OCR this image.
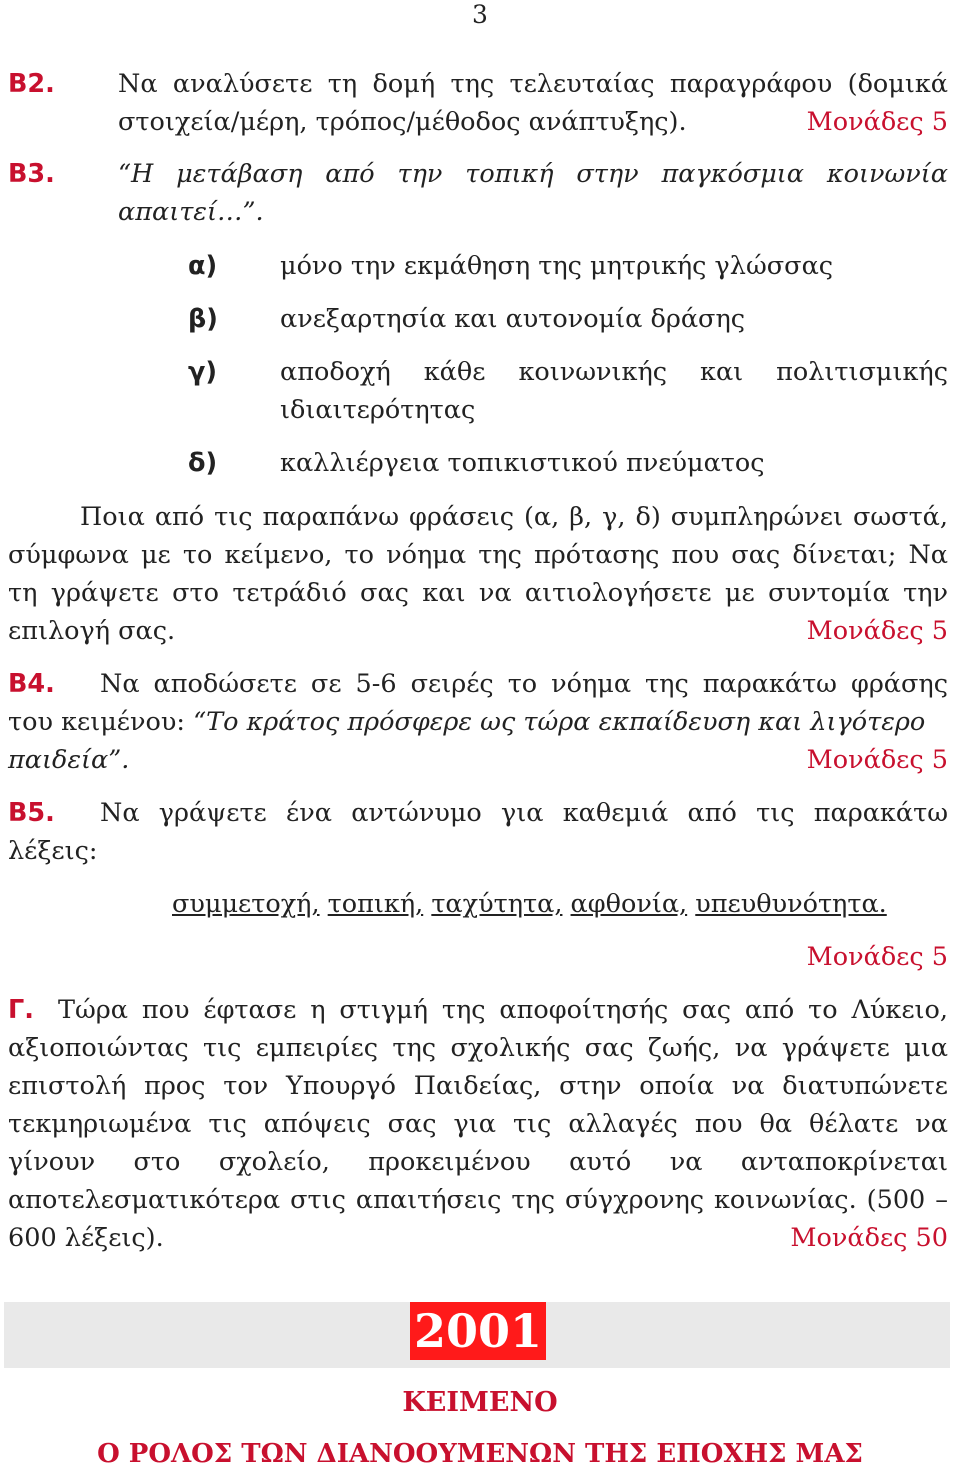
3
Β2. Να αναλύσετε τη δομή της τελευταίας παραγράφου (δομικά
στοιχεία/μέρη, τρόπος/μέθοδος ανάπτυξης).	Μονάδες 5
Β3. “Η μετάβαση από την τοπική στην παγκόσμια κοινωνία
απαιτεί…”.
α) μόνο την εκμάθηση της μητρικής γλώσσας
β) ανεξαρτησία και αυτονομία δράσης
γ) αποδοχή κάθε κοινωνικής και πολιτισμικής
ιδιαιτερότητας
δ) καλλιέργεια τοπικιστικού πνεύματος
Ποια από τις παραπάνω φράσεις (α, β, γ, δ) συμπληρώνει σωστά,
σύμφωνα με το κείμενο, το νόημα της πρότασης που σας δίνεται; Να
τη γράψετε στο τετράδιό σας και να αιτιολογήσετε με συντομία την
επιλογή σας.	Μονάδες 5
Β4. Να αποδώσετε σε 5-6 σειρές το νόημα της παρακάτω φράσης
του κειμένου: “Το κράτος πρόσφερε ως τώρα εκπαίδευση και λιγότερο
παιδεία”.	Μονάδες 5
Β5. Να γράψετε ένα αντώνυμο για καθεμιά από τις παρακάτω
λέξεις:
συμμετοχή, τοπική, ταχύτητα, αφθονία, υπευθυνότητα.
Μονάδες 5
Γ. Τώρα που έφτασε η στιγμή της αποφοίτησής σας από το Λύκειο,
αξιοποιώντας τις εμπειρίες της σχολικής σας ζωής, να γράψετε μια
επιστολή προς τον Υπουργό Παιδείας, στην οποία να διατυπώνετε
τεκμηριωμένα τις απόψεις σας για τις αλλαγές που θα θέλατε να
γίνουν στο σχολείο, προκειμένου αυτό να ανταποκρίνεται
αποτελεσματικότερα στις απαιτήσεις της σύγχρονης κοινωνίας. (500 –
600 λέξεις).	Μονάδες 50
2001
ΚΕΙΜΕΝΟ
Ο ΡΟΛΟΣ ΤΩΝ ΔΙΑΝΟΟΥΜΕΝΩΝ ΤΗΣ ΕΠΟΧΗΣ ΜΑΣ
